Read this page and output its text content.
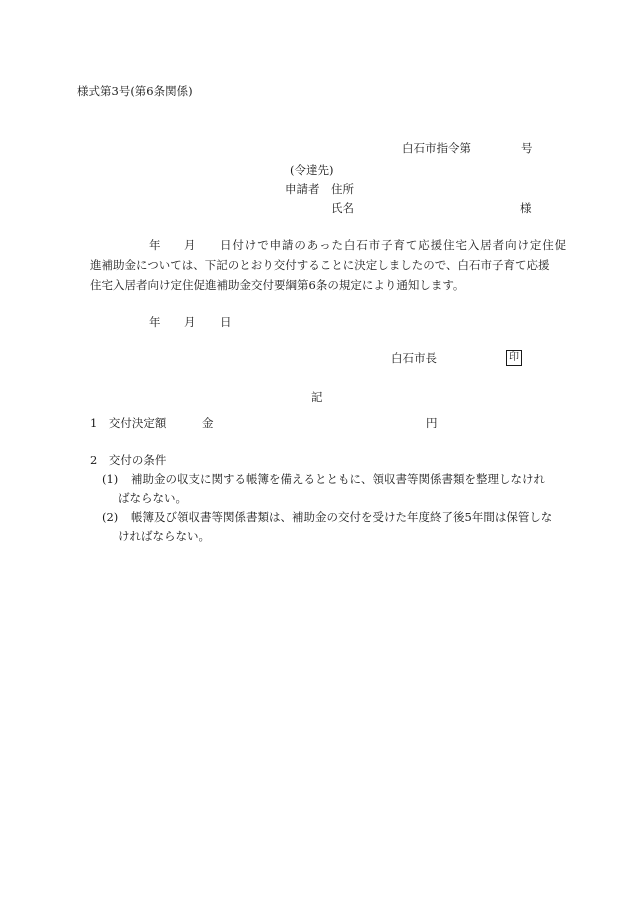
様式第3号(第6条関係)
白石市指令第	号
(令達先)
申請者 住所
氏名	様
年 月 日付けで申請のあった白石市子育て応援住宅入居者向け定住促
進補助金については、下記のとおり交付することに決定しましたので、白石市子育て応援
住宅入居者向け定住促進補助金交付要綱第6条の規定により通知します。
年 月 日
白石市長	印
記
1　交付決定額	金	円
2　交付の条件
(1) 補助金の収支に関する帳簿を備えるとともに、領収書等関係書類を整理しなけれ
ばならない。
(2) 帳簿及び領収書等関係書類は、補助金の交付を受けた年度終了後5年間は保管しな
ければならない。
